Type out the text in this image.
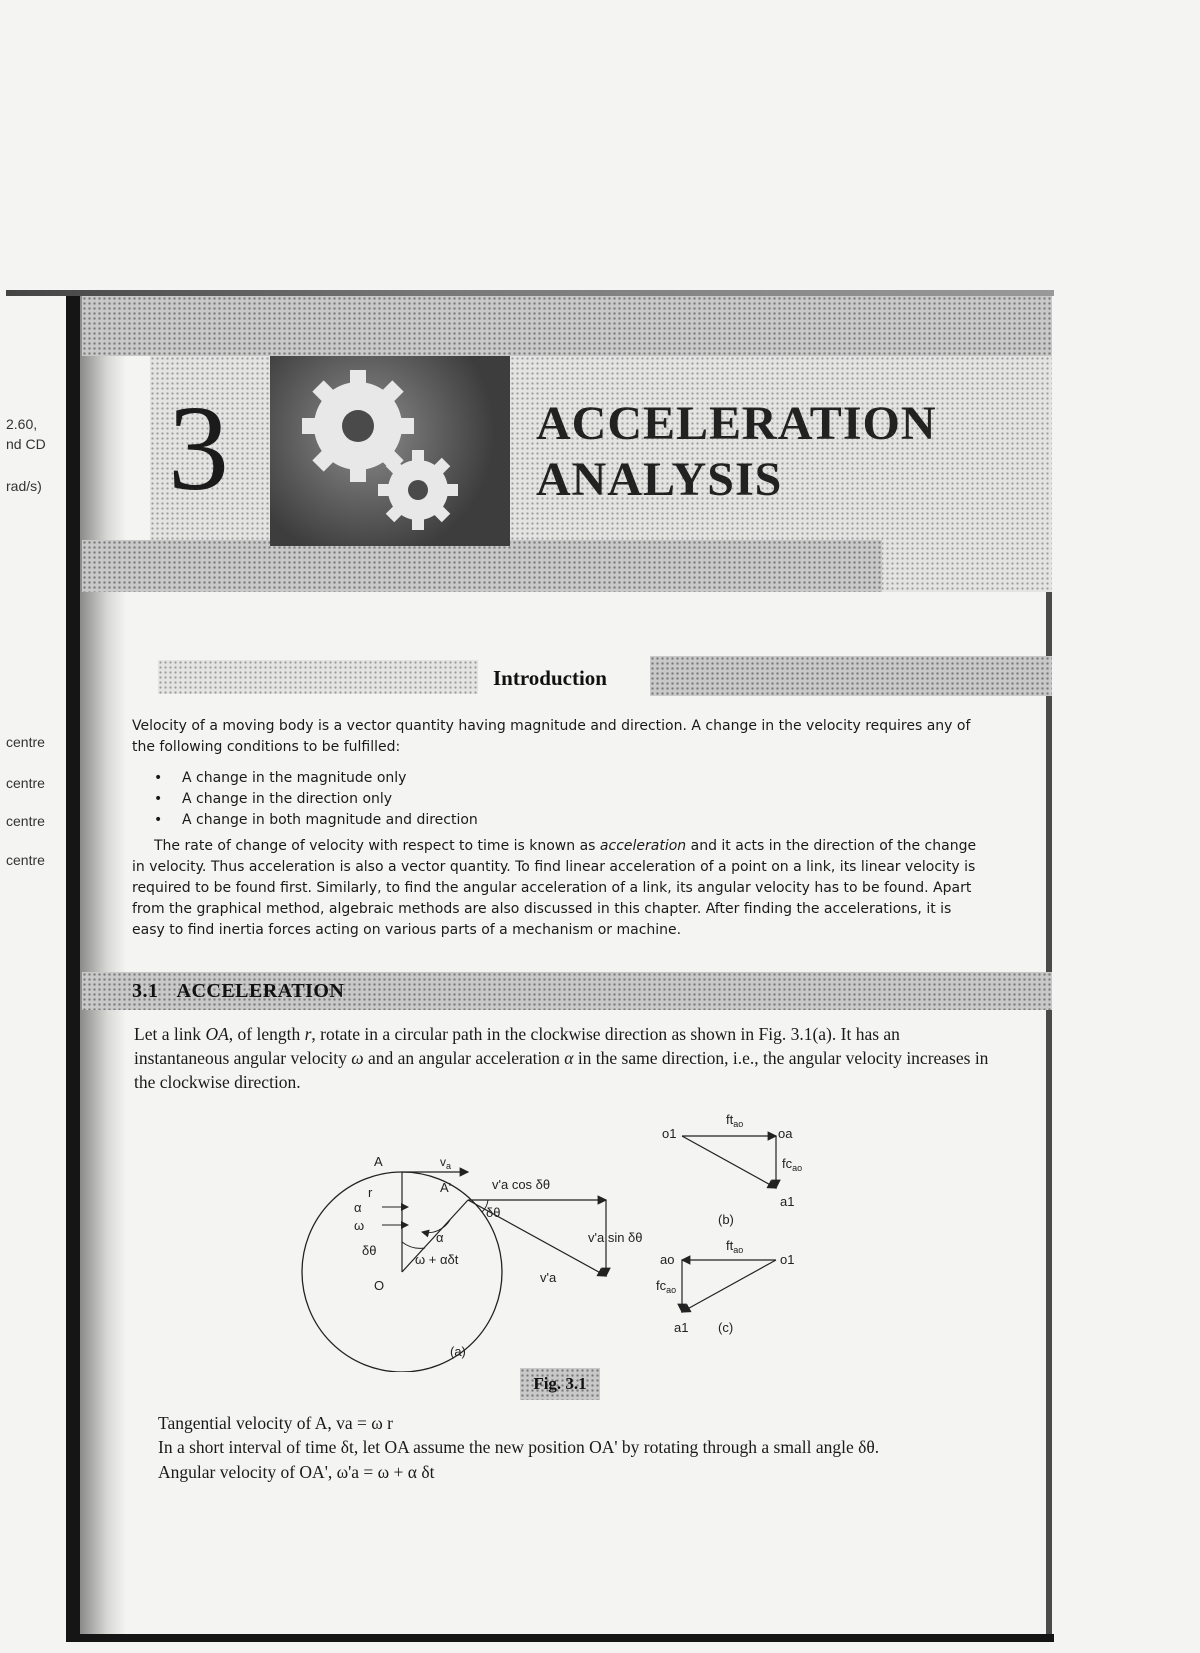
2.60,
nd CD
rad/s)
centre
centre
centre
centre
3	ACCELERATION
ANALYSIS
Introduction
Velocity of a moving body is a vector quantity having magnitude and direction. A change in the velocity requires any of the following conditions to be fulfilled:
• A change in the magnitude only
• A change in the direction only
• A change in both magnitude and direction
The rate of change of velocity with respect to time is known as acceleration and it acts in the direction of the change in velocity. Thus acceleration is also a vector quantity. To find linear acceleration of a point on a link, its linear velocity is required to be found first. Similarly, to find the angular acceleration of a link, its angular velocity has to be found. Apart from the graphical method, algebraic methods are also discussed in this chapter. After finding the accelerations, it is easy to find inertia forces acting on various parts of a mechanism or machine.
3.1 ACCELERATION
Let a link OA, of length r, rotate in a circular path in the clockwise direction as shown in Fig. 3.1(a). It has an instantaneous angular velocity ω and an angular acceleration α in the same direction, i.e., the angular velocity increases in the clockwise direction.
A	$v_a$
A'
r
α
ω
δθ
α
ω + αδt
O
v'a cos δθ
δθ
v'a sin δθ
v'a
(a)
o1	oa
a1
$ft_{ao}$
$fc_{ao}$
(b)
ao	o1
a1
$ft_{ao}$
$fc_{ao}$
(c)
Fig. 3.1
Tangential velocity of A, va = ω r
In a short interval of time δt, let OA assume the new position OA' by rotating through a small angle δθ.
Angular velocity of OA', ω'a = ω + α δt
